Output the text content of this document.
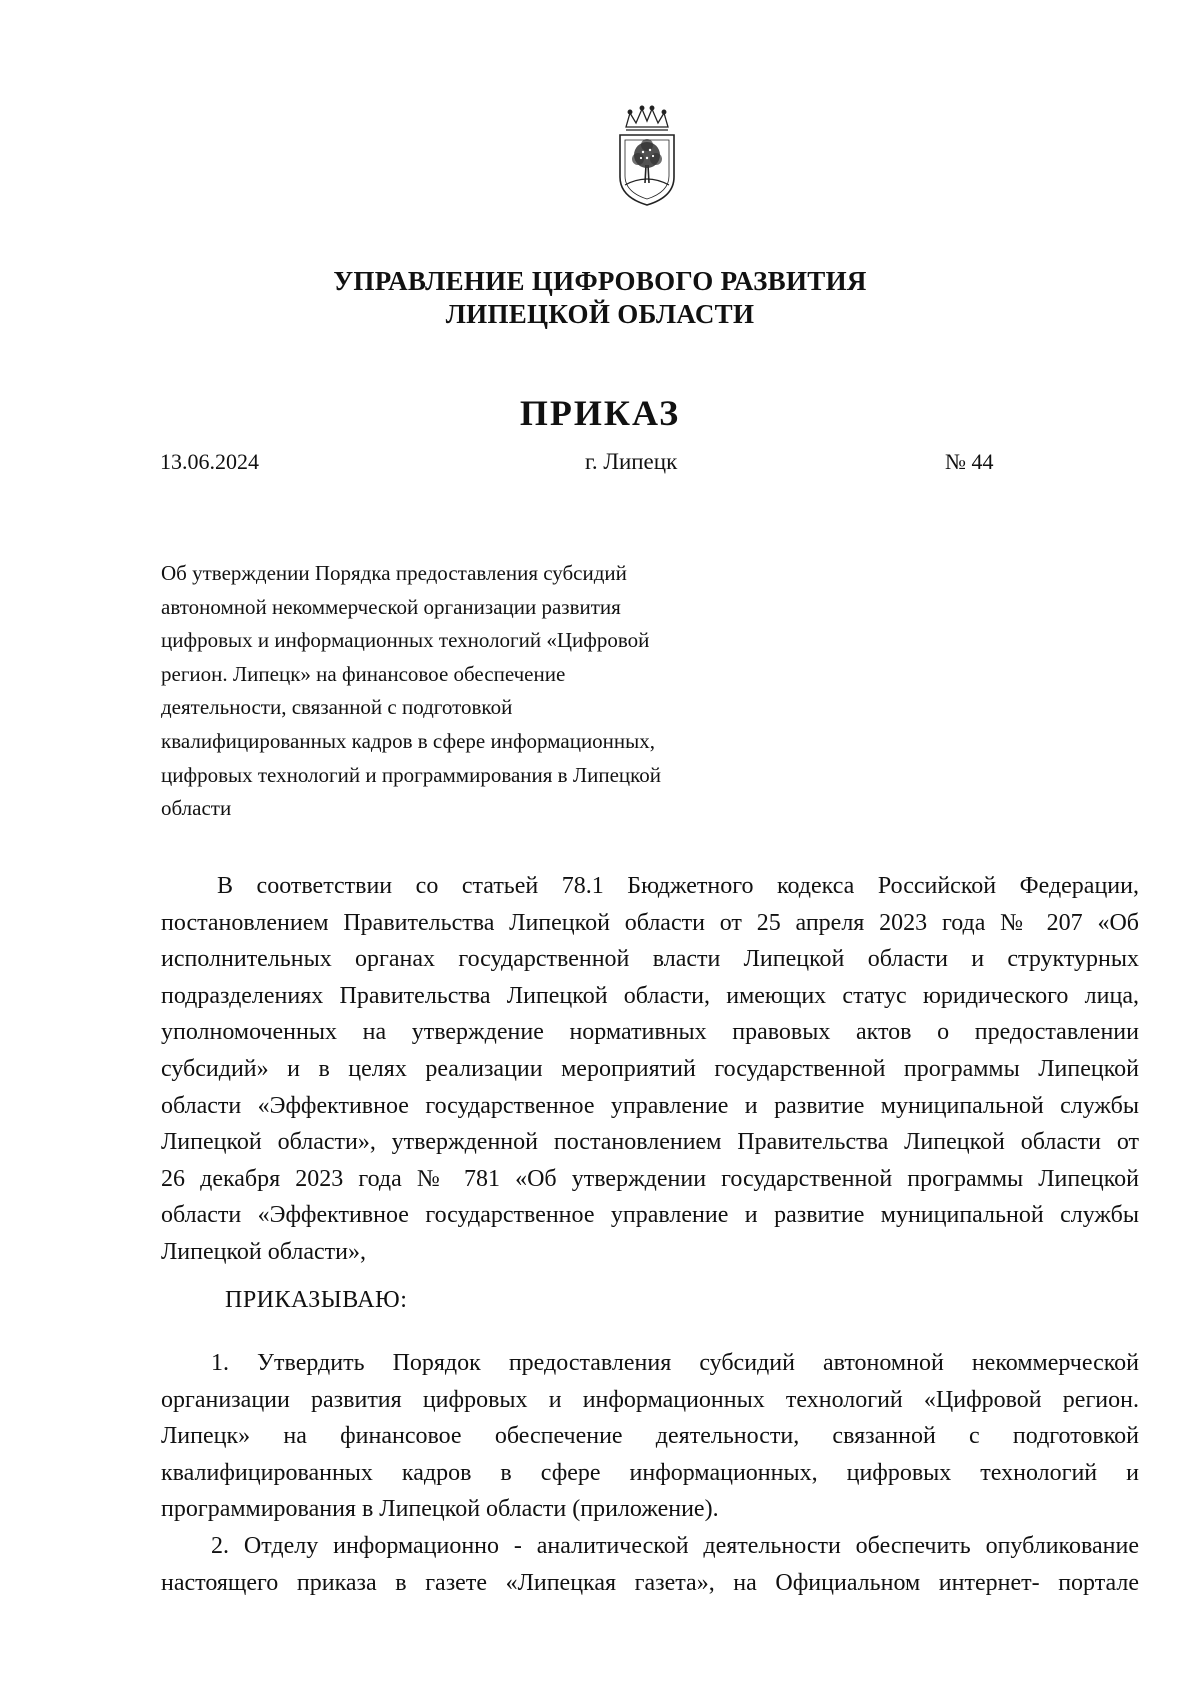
УПРАВЛЕНИЕ ЦИФРОВОГО РАЗВИТИЯ
ЛИПЕЦКОЙ ОБЛАСТИ
ПРИКАЗ
13.06.2024	г. Липецк	№ 44
Об утверждении Порядка предоставления субсидий
автономной некоммерческой организации развития
цифровых и информационных технологий «Цифровой
регион. Липецк» на финансовое обеспечение
деятельности, связанной с подготовкой
квалифицированных кадров в сфере информационных,
цифровых технологий и программирования в Липецкой
области
В соответствии со статьей 78.1 Бюджетного кодекса Российской Федерации,
постановлением Правительства Липецкой области от 25 апреля 2023 года № 207 «Об
исполнительных органах государственной власти Липецкой области и структурных
подразделениях Правительства Липецкой области, имеющих статус юридического лица,
уполномоченных на утверждение нормативных правовых актов о предоставлении
субсидий» и в целях реализации мероприятий государственной программы Липецкой
области «Эффективное государственное управление и развитие муниципальной службы
Липецкой области», утвержденной постановлением Правительства Липецкой области от
26 декабря 2023 года № 781 «Об утверждении государственной программы Липецкой
области «Эффективное государственное управление и развитие муниципальной службы
Липецкой области»,
ПРИКАЗЫВАЮ:
1. Утвердить Порядок предоставления субсидий автономной некоммерческой
организации развития цифровых и информационных технологий «Цифровой регион.
Липецк» на финансовое обеспечение деятельности, связанной с подготовкой
квалифицированных кадров в сфере информационных, цифровых технологий и
программирования в Липецкой области (приложение).
2. Отделу информационно - аналитической деятельности обеспечить опубликование
настоящего приказа в газете «Липецкая газета», на Официальном интернет- портале
